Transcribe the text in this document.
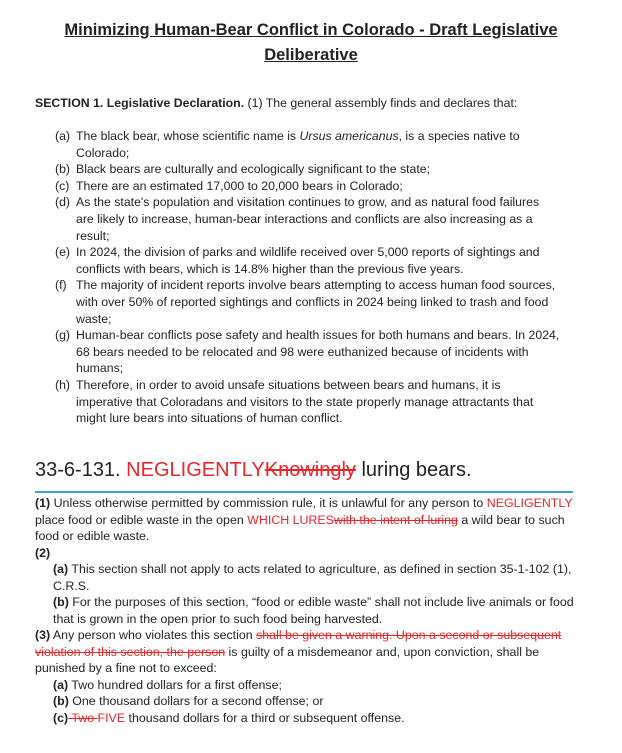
Minimizing Human-Bear Conflict in Colorado - Draft Legislative Deliberative
SECTION 1. Legislative Declaration. (1) The general assembly finds and declares that:
(a) The black bear, whose scientific name is Ursus americanus, is a species native to Colorado;
(b) Black bears are culturally and ecologically significant to the state;
(c) There are an estimated 17,000 to 20,000 bears in Colorado;
(d) As the state's population and visitation continues to grow, and as natural food failures are likely to increase, human-bear interactions and conflicts are also increasing as a result;
(e) In 2024, the division of parks and wildlife received over 5,000 reports of sightings and conflicts with bears, which is 14.8% higher than the previous five years.
(f) The majority of incident reports involve bears attempting to access human food sources, with over 50% of reported sightings and conflicts in 2024 being linked to trash and food waste;
(g) Human-bear conflicts pose safety and health issues for both humans and bears. In 2024, 68 bears needed to be relocated and 98 were euthanized because of incidents with humans;
(h) Therefore, in order to avoid unsafe situations between bears and humans, it is imperative that Coloradans and visitors to the state properly manage attractants that might lure bears into situations of human conflict.
33-6-131. NEGLIGENTLYKnowingly luring bears.

(1) Unless otherwise permitted by commission rule, it is unlawful for any person to NEGLIGENTLY place food or edible waste in the open WHICH LURESwith the intent of luring a wild bear to such food or edible waste.

(2)

(a) This section shall not apply to acts related to agriculture, as defined in section 35-1-102 (1), C.R.S.

(b) For the purposes of this section, “food or edible waste” shall not include live animals or food that is grown in the open prior to such food being harvested.

(3) Any person who violates this section shall be given a warning. Upon a second or subsequent violation of this section, the person is guilty of a misdemeanor and, upon conviction, shall be punished by a fine not to exceed:

(a) Two hundred dollars for a first offense;

(b) One thousand dollars for a second offense; or

(c) Two FIVE thousand dollars for a third or subsequent offense.
